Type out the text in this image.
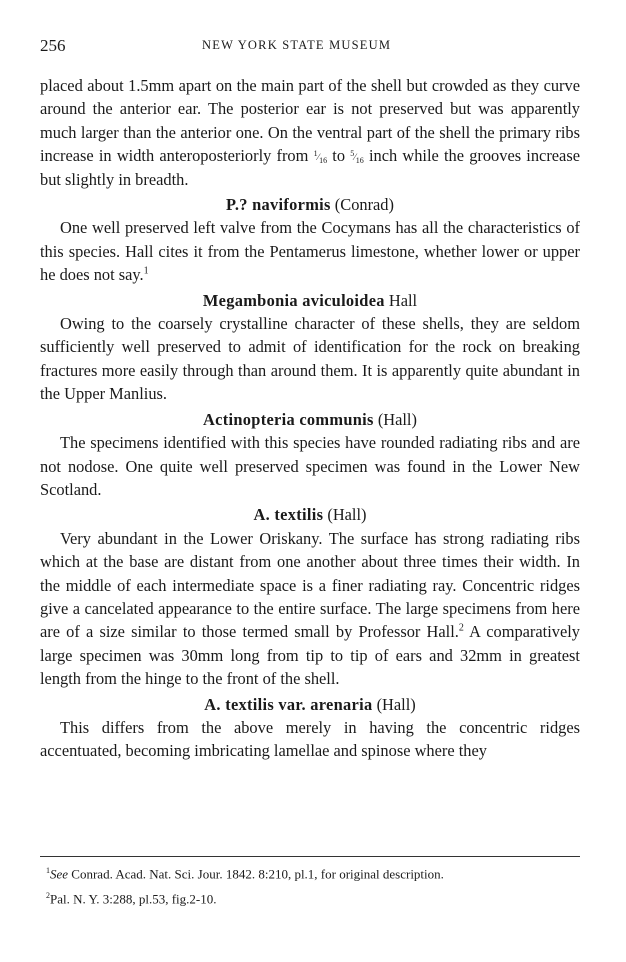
256	NEW YORK STATE MUSEUM

placed about 1.5mm apart on the main part of the shell but crowded as they curve around the anterior ear. The posterior ear is not preserved but was apparently much larger than the anterior one. On the ventral part of the shell the primary ribs increase in width anteroposteriorly from $^1⁄_{16}$ to $^5⁄_{16}$ inch while the grooves increase but slightly in breadth.

P.? naviformis (Conrad)

One well preserved left valve from the Cocymans has all the characteristics of this species. Hall cites it from the Pentamerus limestone, whether lower or upper he does not say.$^1$

Megambonia aviculoidea Hall

Owing to the coarsely crystalline character of these shells, they are seldom sufficiently well preserved to admit of identification for the rock on breaking fractures more easily through than around them. It is apparently quite abundant in the Upper Manlius.

Actinopteria communis (Hall)

The specimens identified with this species have rounded radiating ribs and are not nodose. One quite well preserved specimen was found in the Lower New Scotland.

A. textilis (Hall)

Very abundant in the Lower Oriskany. The surface has strong radiating ribs which at the base are distant from one another about three times their width. In the middle of each intermediate space is a finer radiating ray. Concentric ridges give a cancelated appearance to the entire surface. The large specimens from here are of a size similar to those termed small by Professor Hall.$^2$ A comparatively large specimen was 30mm long from tip to tip of ears and 32mm in greatest length from the hinge to the front of the shell.

A. textilis var. arenaria (Hall)

This differs from the above merely in having the concentric ridges accentuated, becoming imbricating lamellae and spinose where they

$^1$See Conrad. Acad. Nat. Sci. Jour. 1842. 8:210, pl.1, for original description.

$^2$Pal. N. Y. 3:288, pl.53, fig.2-10.
